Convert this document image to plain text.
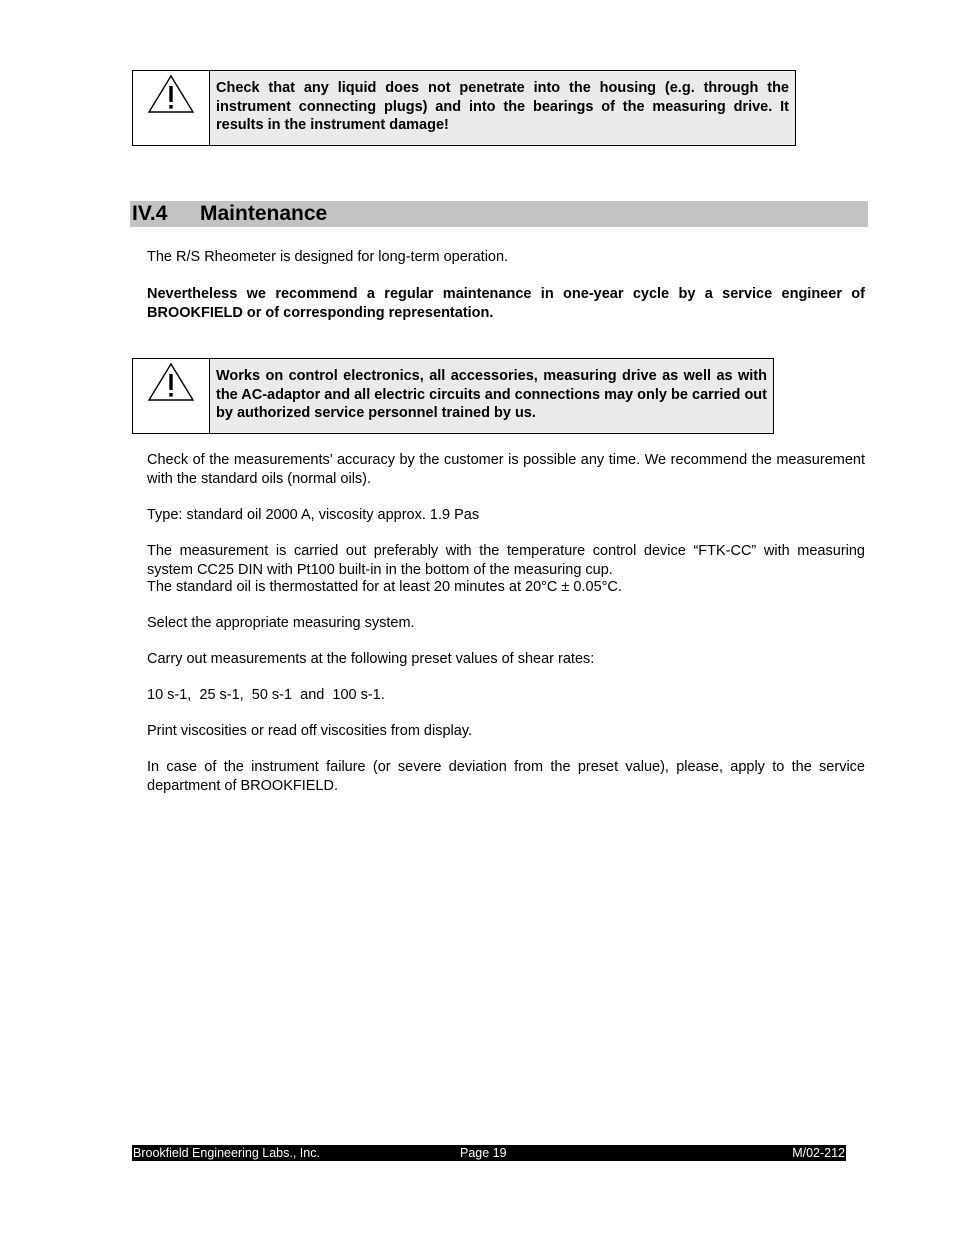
Check that any liquid does not penetrate into the housing (e.g. through the instrument connecting plugs) and into the bearings of the measuring drive. It results in the instrument damage!
IV.4 Maintenance

The R/S Rheometer is designed for long-term operation.

Nevertheless we recommend a regular maintenance in one-year cycle by a service engineer of BROOKFIELD or of corresponding representation.

Works on control electronics, all accessories, measuring drive as well as with the AC-adaptor and all electric circuits and connections may only be carried out by authorized service personnel trained by us.

Check of the measurements’ accuracy by the customer is possible any time. We recommend the measurement with the standard oils (normal oils).

Type: standard oil 2000 A, viscosity approx. 1.9 Pas

The measurement is carried out preferably with the temperature control device “FTK-CC” with measuring system CC25 DIN with Pt100 built-in in the bottom of the measuring cup.

The standard oil is thermostatted for at least 20 minutes at 20°C ± 0.05°C.

Select the appropriate measuring system.

Carry out measurements at the following preset values of shear rates:

10 s-1,  25 s-1,  50 s-1  and  100 s-1.

Print viscosities or read off viscosities from display.

In case of the instrument failure (or severe deviation from the preset value), please, apply to the service department of BROOKFIELD.

Brookfield Engineering Labs., Inc.	Page 19	M/02-212
